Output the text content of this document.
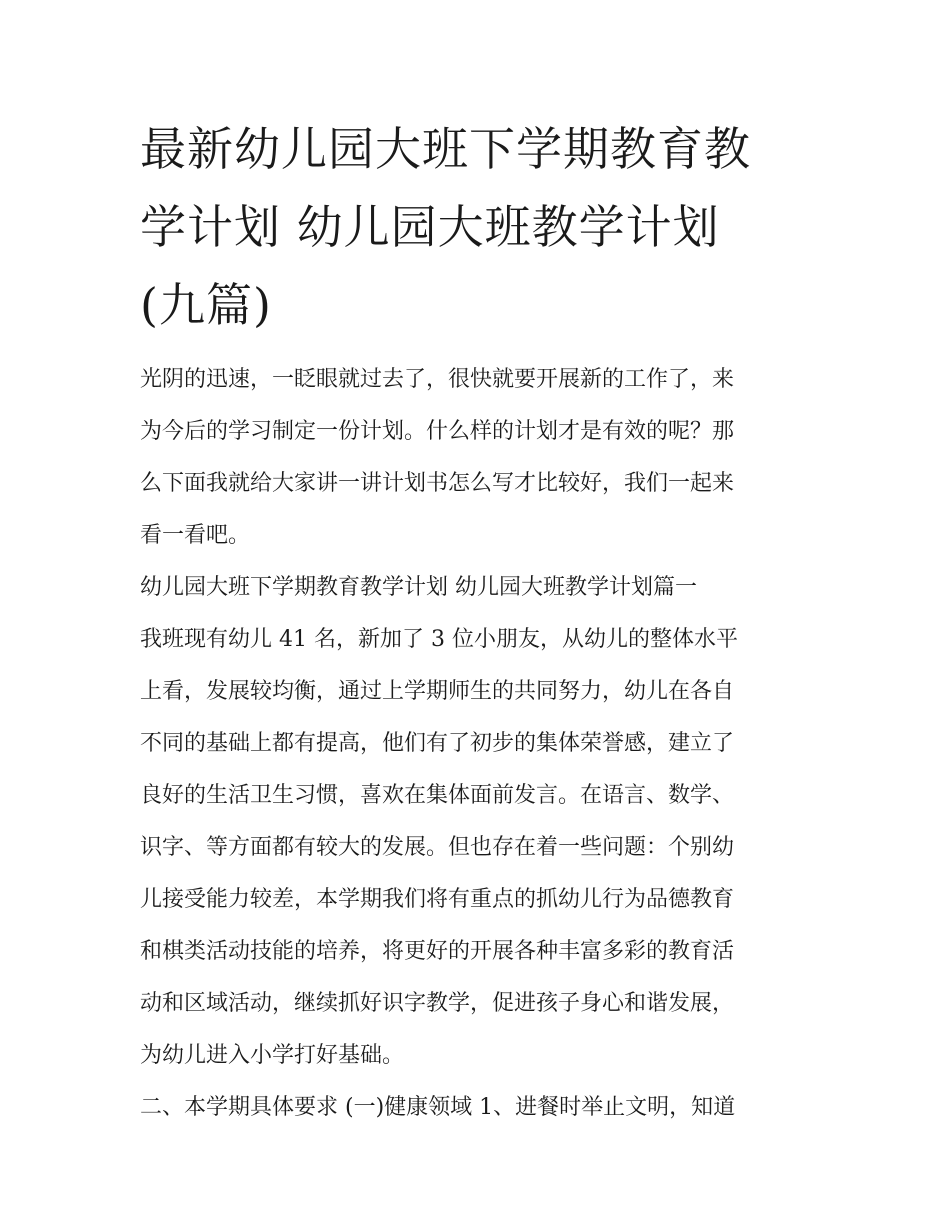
最新幼儿园大班下学期教育教
学计划 幼儿园大班教学计划
(九篇)
光阴的迅速，一眨眼就过去了，很快就要开展新的工作了，来
为今后的学习制定一份计划。什么样的计划才是有效的呢？那
么下面我就给大家讲一讲计划书怎么写才比较好，我们一起来
看一看吧。
幼儿园大班下学期教育教学计划 幼儿园大班教学计划篇一
我班现有幼儿 41 名，新加了 3 位小朋友，从幼儿的整体水平
上看，发展较均衡，通过上学期师生的共同努力，幼儿在各自
不同的基础上都有提高，他们有了初步的集体荣誉感，建立了
良好的生活卫生习惯，喜欢在集体面前发言。在语言、数学、
识字、等方面都有较大的发展。但也存在着一些问题：个别幼
儿接受能力较差，本学期我们将有重点的抓幼儿行为品德教育
和棋类活动技能的培养，将更好的开展各种丰富多彩的教育活
动和区域活动，继续抓好识字教学，促进孩子身心和谐发展，
为幼儿进入小学打好基础。
二、本学期具体要求 (一)健康领域 1、进餐时举止文明，知道
